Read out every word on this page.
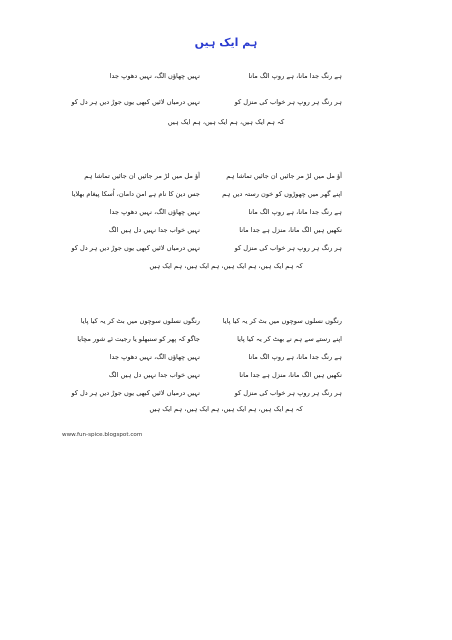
ہم ایک ہیں
ہے رنگ جدا مانا، ہے روپ الگ مانا
نہیں چھاؤں الگ، نہیں دھوپ جدا
ہر رنگ ہر روپ ہر خواب کی منزل کو
نہیں درمیاں لائیں کبھی یوں جوڑ دیں ہر دل کو
کہ ہم ایک ہیں، ہم ایک ہیں، ہم ایک ہیں
آؤ مل میں لڑ مر جائیں ان جائیں تماشا ہم
آؤ مل میں لڑ مر جائیں ان جائیں تماشا ہم
اپنے گھر میں چھوڑوں کو خون رستہ دیں ہم
جس دین کا نام ہے امن دامان، اُسکا پیغام بھلایا
ہے رنگ جدا مانا، ہے روپ الگ مانا
نہیں چھاؤں الگ، نہیں دھوپ جدا
نکھیں ہیں الگ مانا، منزل ہے جدا مانا
نہیں خواب جدا نہیں دل ہیں الگ
ہر رنگ ہر روپ ہر خواب کی منزل کو
نہیں درمیاں لائیں کبھی یوں جوڑ دیں ہر دل کو
کہ ہم ایک ہیں، ہم ایک ہیں، ہم ایک ہیں، ہم ایک ہیں
رنگوں نسلوں سوچوں میں بٹ کر یہ کیا پایا
رنگوں نسلوں سوچوں میں بٹ کر یہ کیا پایا
اپنے رستے سے ہم نے بھٹ کر یہ کیا پایا
جاگو کہ پھر کو سنبھلو یا رجیت ئے شور مچایا
ہے رنگ جدا مانا، ہے روپ الگ مانا
نہیں چھاؤں الگ، نہیں دھوپ جدا
نکھیں ہیں الگ مانا، منزل ہے جدا مانا
نہیں خواب جدا نہیں دل ہیں الگ
ہر رنگ ہر روپ ہر خواب کی منزل کو
نہیں درمیاں لائیں کبھی یوں جوڑ دیں ہر دل کو
کہ ہم ایک ہیں، ہم ایک ہیں، ہم ایک ہیں، ہم ایک ہیں
www.fun-spice.blogspot.com
